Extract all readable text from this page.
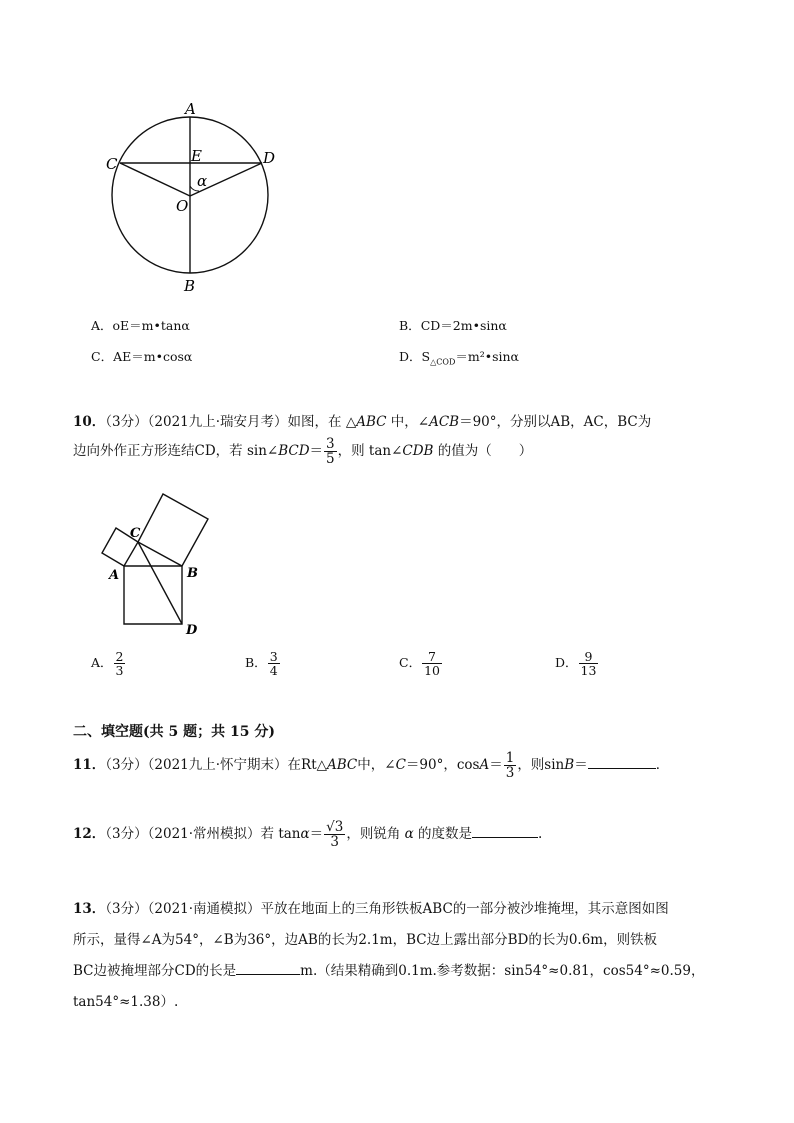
A
C	E	D
α
O
B
A．oE＝m•tanα	B．CD＝2m•sinα
C．AE＝m•cosα	D．$S_{\triangle COD}=m^2•\sin\alpha$
10．（3分）（2021九上·瑞安月考）如图，在 △ABC 中，∠ACB＝90°，分别以AB，AC，BC为
边向外作正方形连结CD，若 sin∠BCD＝ $\frac{3}{5}$ ，则 tan∠CDB 的值为（　　）
C
A	B
D
A． $\frac{2}{3}$	B． $\frac{3}{4}$	C． $\frac{7}{10}$	D． $\frac{9}{13}$
二、填空题(共 5 题；共 15 分)
11．（3分）（2021九上·怀宁期末）在Rt△ABC中，∠C＝90°，$\cos A= \frac{1}{3}$ ，则sinB＝	．
12．（3分）（2021·常州模拟）若 $\tan\alpha= \frac{√3}{3}$ ，则锐角 α 的度数是	.
13．（3分）（2021·南通模拟）平放在地面上的三角形铁板ABC的一部分被沙堆掩埋，其示意图如图
所示，量得∠A为54°，∠B为36°，边AB的长为2.1m，BC边上露出部分BD的长为0.6m，则铁板
BC边被掩埋部分CD的长是	m.（结果精确到0.1m.参考数据：sin54°≈0.81，cos54°≈0.59，
tan54°≈1.38）.
